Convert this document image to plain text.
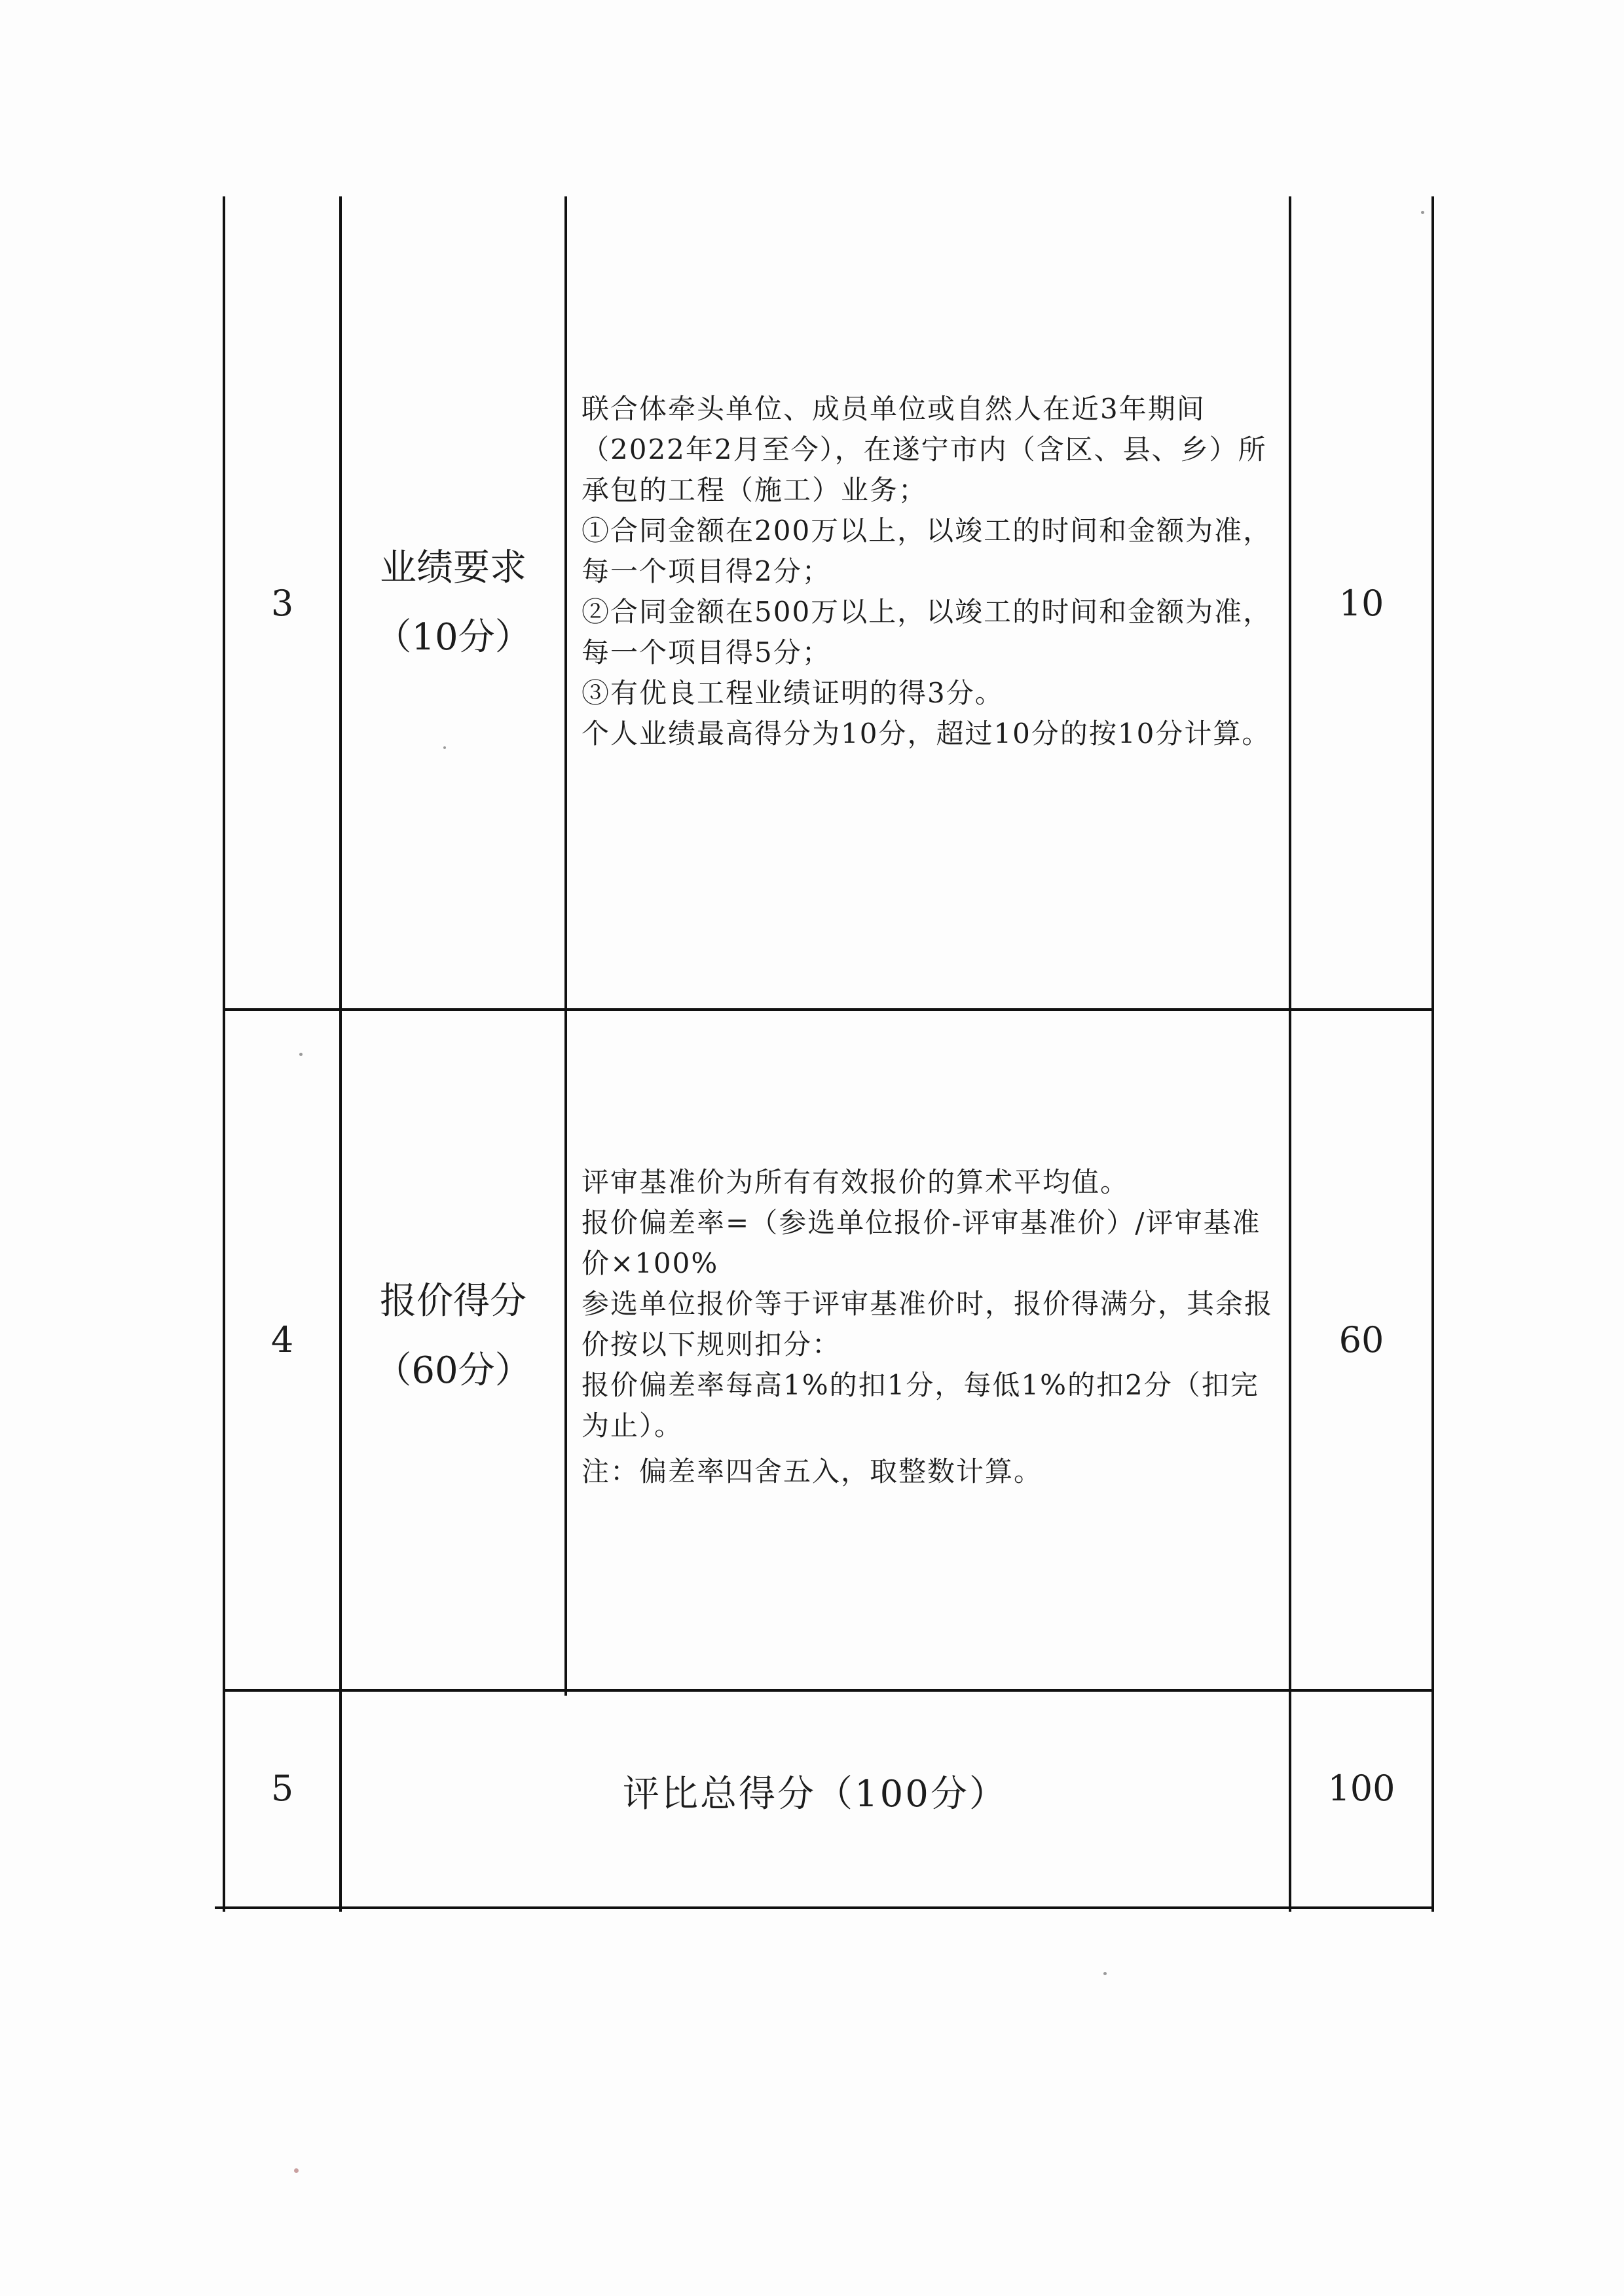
3
业绩要求
（10分）
联合体牵头单位、成员单位或自然人在近3年期间（2022年2月至今），在遂宁市内（含区、县、乡）所承包的工程（施工）业务；
①合同金额在200万以上，以竣工的时间和金额为准，每一个项目得2分；
②合同金额在500万以上，以竣工的时间和金额为准，每一个项目得5分；
③有优良工程业绩证明的得3分。
个人业绩最高得分为10分，超过10分的按10分计算。
10
4
报价得分
（60分）
评审基准价为所有有效报价的算术平均值。
报价偏差率=（参选单位报价-评审基准价）/评审基准价×100%
参选单位报价等于评审基准价时，报价得满分，其余报价按以下规则扣分：
报价偏差率每高1%的扣1分，每低1%的扣2分（扣完为止）。
注：偏差率四舍五入，取整数计算。
60
5	评比总得分（100分）	100
